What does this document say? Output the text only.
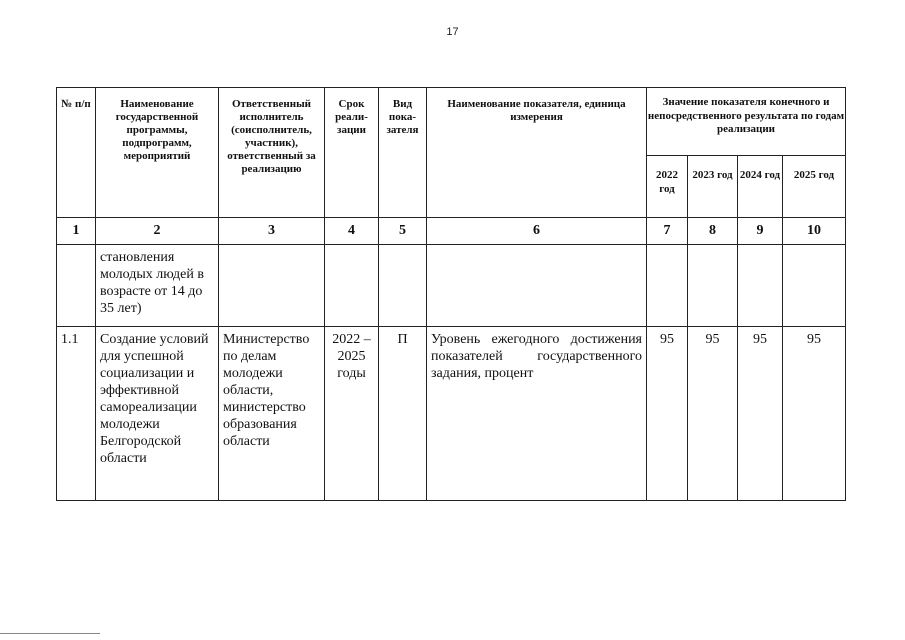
17
№ п/п	Наименование государственной программы, подпрограмм, мероприятий	Ответственный исполнитель (соисполнитель, участник), ответственный за реализацию	Срок реали-зации	Вид пока-зателя	Наименование показателя, единица измерения	Значение показателя конечного и непосредственного результата по годам реализации			
						2022 год	2023 год	2024 год	2025 год
1	2	3	4	5	6	7	8	9	10
	становления молодых людей в возрасте от 14 до 35 лет)								
1.1	Создание условий для успешной социализации и эффективной самореализации молодежи Белгородской области	Министерство по делам молодежи области, министерство образования области	2022 – 2025 годы	П	Уровень ежегодного достижения показателей государственного задания, процент	95	95	95	95
